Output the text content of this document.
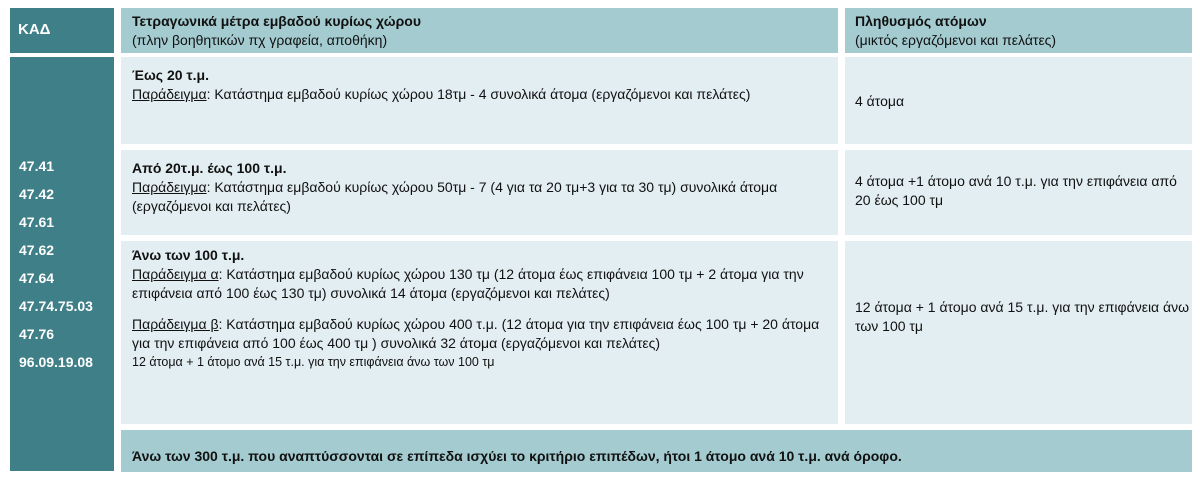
ΚΑΔ	Τετραγωνικά μέτρα εμβαδού κυρίως χώρου
(πλην βοηθητικών πχ γραφεία, αποθήκη)
Πληθυσμός ατόμων
(μικτός εργαζόμενοι και πελάτες)
47.41
47.42
47.61
47.62
47.64
47.74.75.03
47.76
96.09.19.08
Έως 20 τ.μ.
Παράδειγμα: Κατάστημα εμβαδού κυρίως χώρου 18τμ - 4 συνολικά άτομα (εργαζόμενοι και πελάτες)	4 άτομα
Από 20τ.μ. έως 100 τ.μ.
Παράδειγμα: Κατάστημα εμβαδού κυρίως χώρου 50τμ - 7 (4 για τα 20 τμ+3 για τα 30 τμ) συνολικά άτομα (εργαζόμενοι και πελάτες)
4 άτομα +1 άτομο ανά 10 τ.μ. για την επιφάνεια από 20 έως 100 τμ
Άνω των 100 τ.μ.
Παράδειγμα α: Κατάστημα εμβαδού κυρίως χώρου 130 τμ (12 άτομα έως επιφάνεια 100 τμ + 2 άτομα για την επιφάνεια από 100 έως 130 τμ) συνολικά 14 άτομα (εργαζόμενοι και πελάτες)
Παράδειγμα β: Κατάστημα εμβαδού κυρίως χώρου 400 τ.μ. (12 άτομα για την επιφάνεια έως 100 τμ + 20 άτομα για την επιφάνεια από 100 έως 400 τμ ) συνολικά 32 άτομα (εργαζόμενοι και πελάτες)
12 άτομα + 1 άτομο ανά 15 τ.μ. για την επιφάνεια άνω των 100 τμ
12 άτομα + 1 άτομο ανά 15 τ.μ. για την επιφάνεια άνω των 100 τμ
Άνω των 300 τ.μ. που αναπτύσσονται σε επίπεδα ισχύει το κριτήριο επιπέδων, ήτοι 1 άτομο ανά 10 τ.μ. ανά όροφο.
